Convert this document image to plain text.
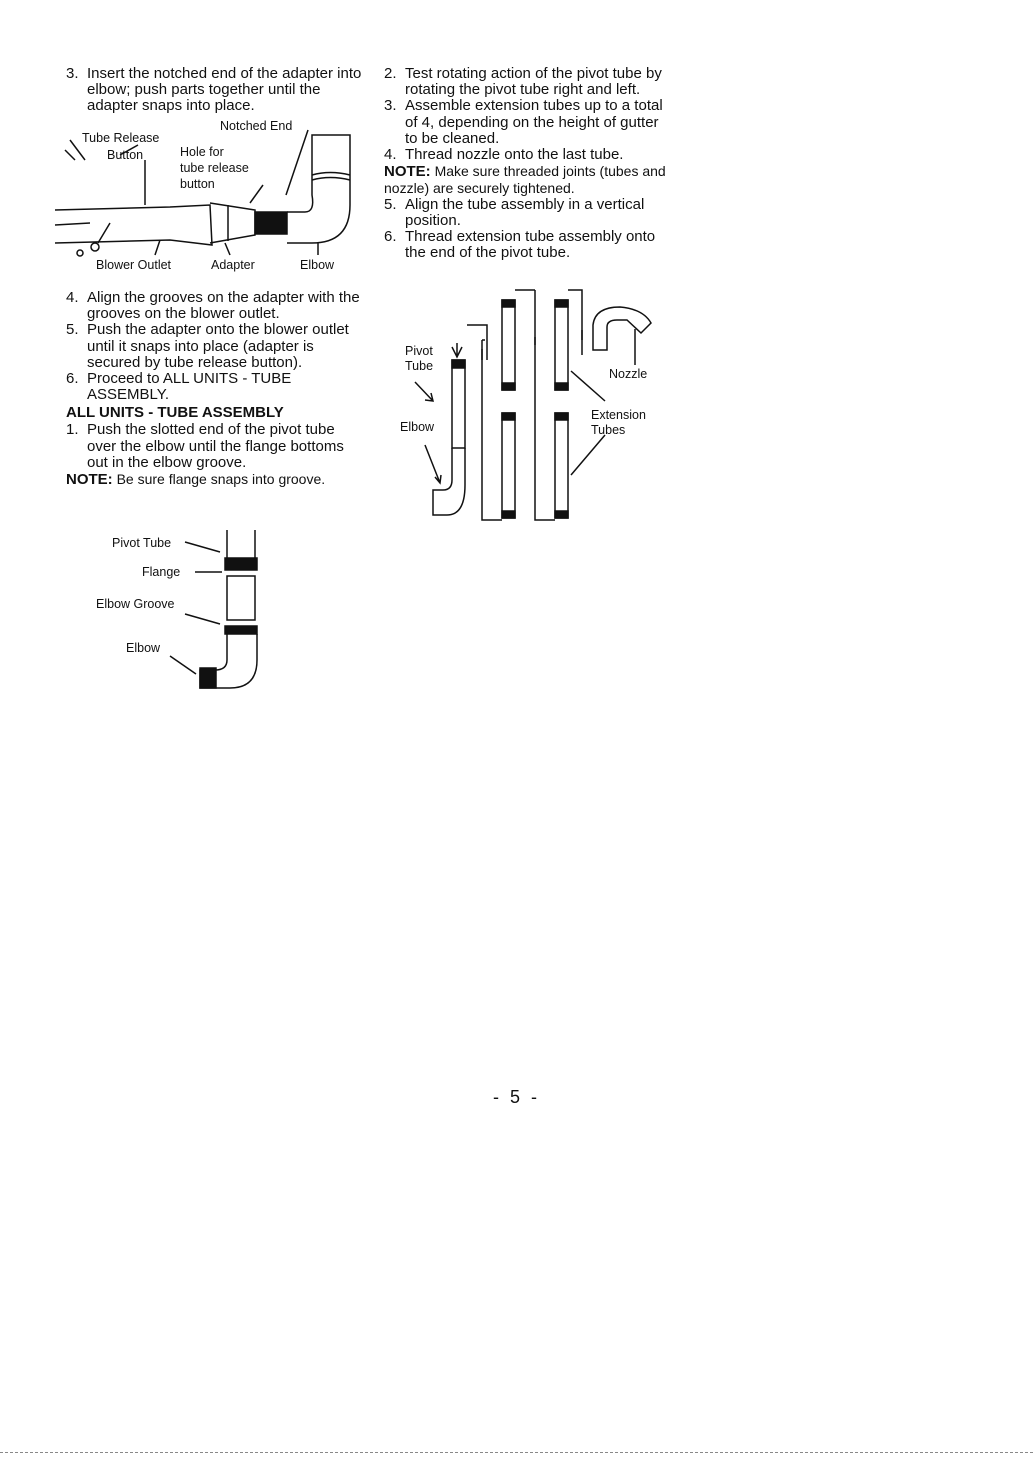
3. Insert the notched end of the adapter into elbow; push parts together until the adapter snaps into place.

Notched End
Tube Release
Button	Hole for
tube release
button
Blower Outlet	Adapter	Elbow

4. Align the grooves on the adapter with the grooves on the blower outlet.

5. Push the adapter onto the blower outlet until it snaps into place (adapter is secured by tube release button).

6. Proceed to ALL UNITS - TUBE ASSEMBLY.

ALL UNITS - TUBE ASSEMBLY

1. Push the slotted end of the pivot tube over the elbow until the flange bottoms out in the elbow groove.

NOTE: Be sure flange snaps into groove.

Pivot Tube
Flange
Elbow Groove
Elbow

2. Test rotating action of the pivot tube by rotating the pivot tube right and left.

3. Assemble extension tubes up to a total of 4, depending on the height of gutter to be cleaned.

4. Thread nozzle onto the last tube.

NOTE: Make sure threaded joints (tubes and nozzle) are securely tightened.

5. Align the tube assembly in a vertical position.

6. Thread extension tube assembly onto the end of the pivot tube.

Pivot
Tube
Nozzle
Elbow
Extension
Tubes
- 5 -
